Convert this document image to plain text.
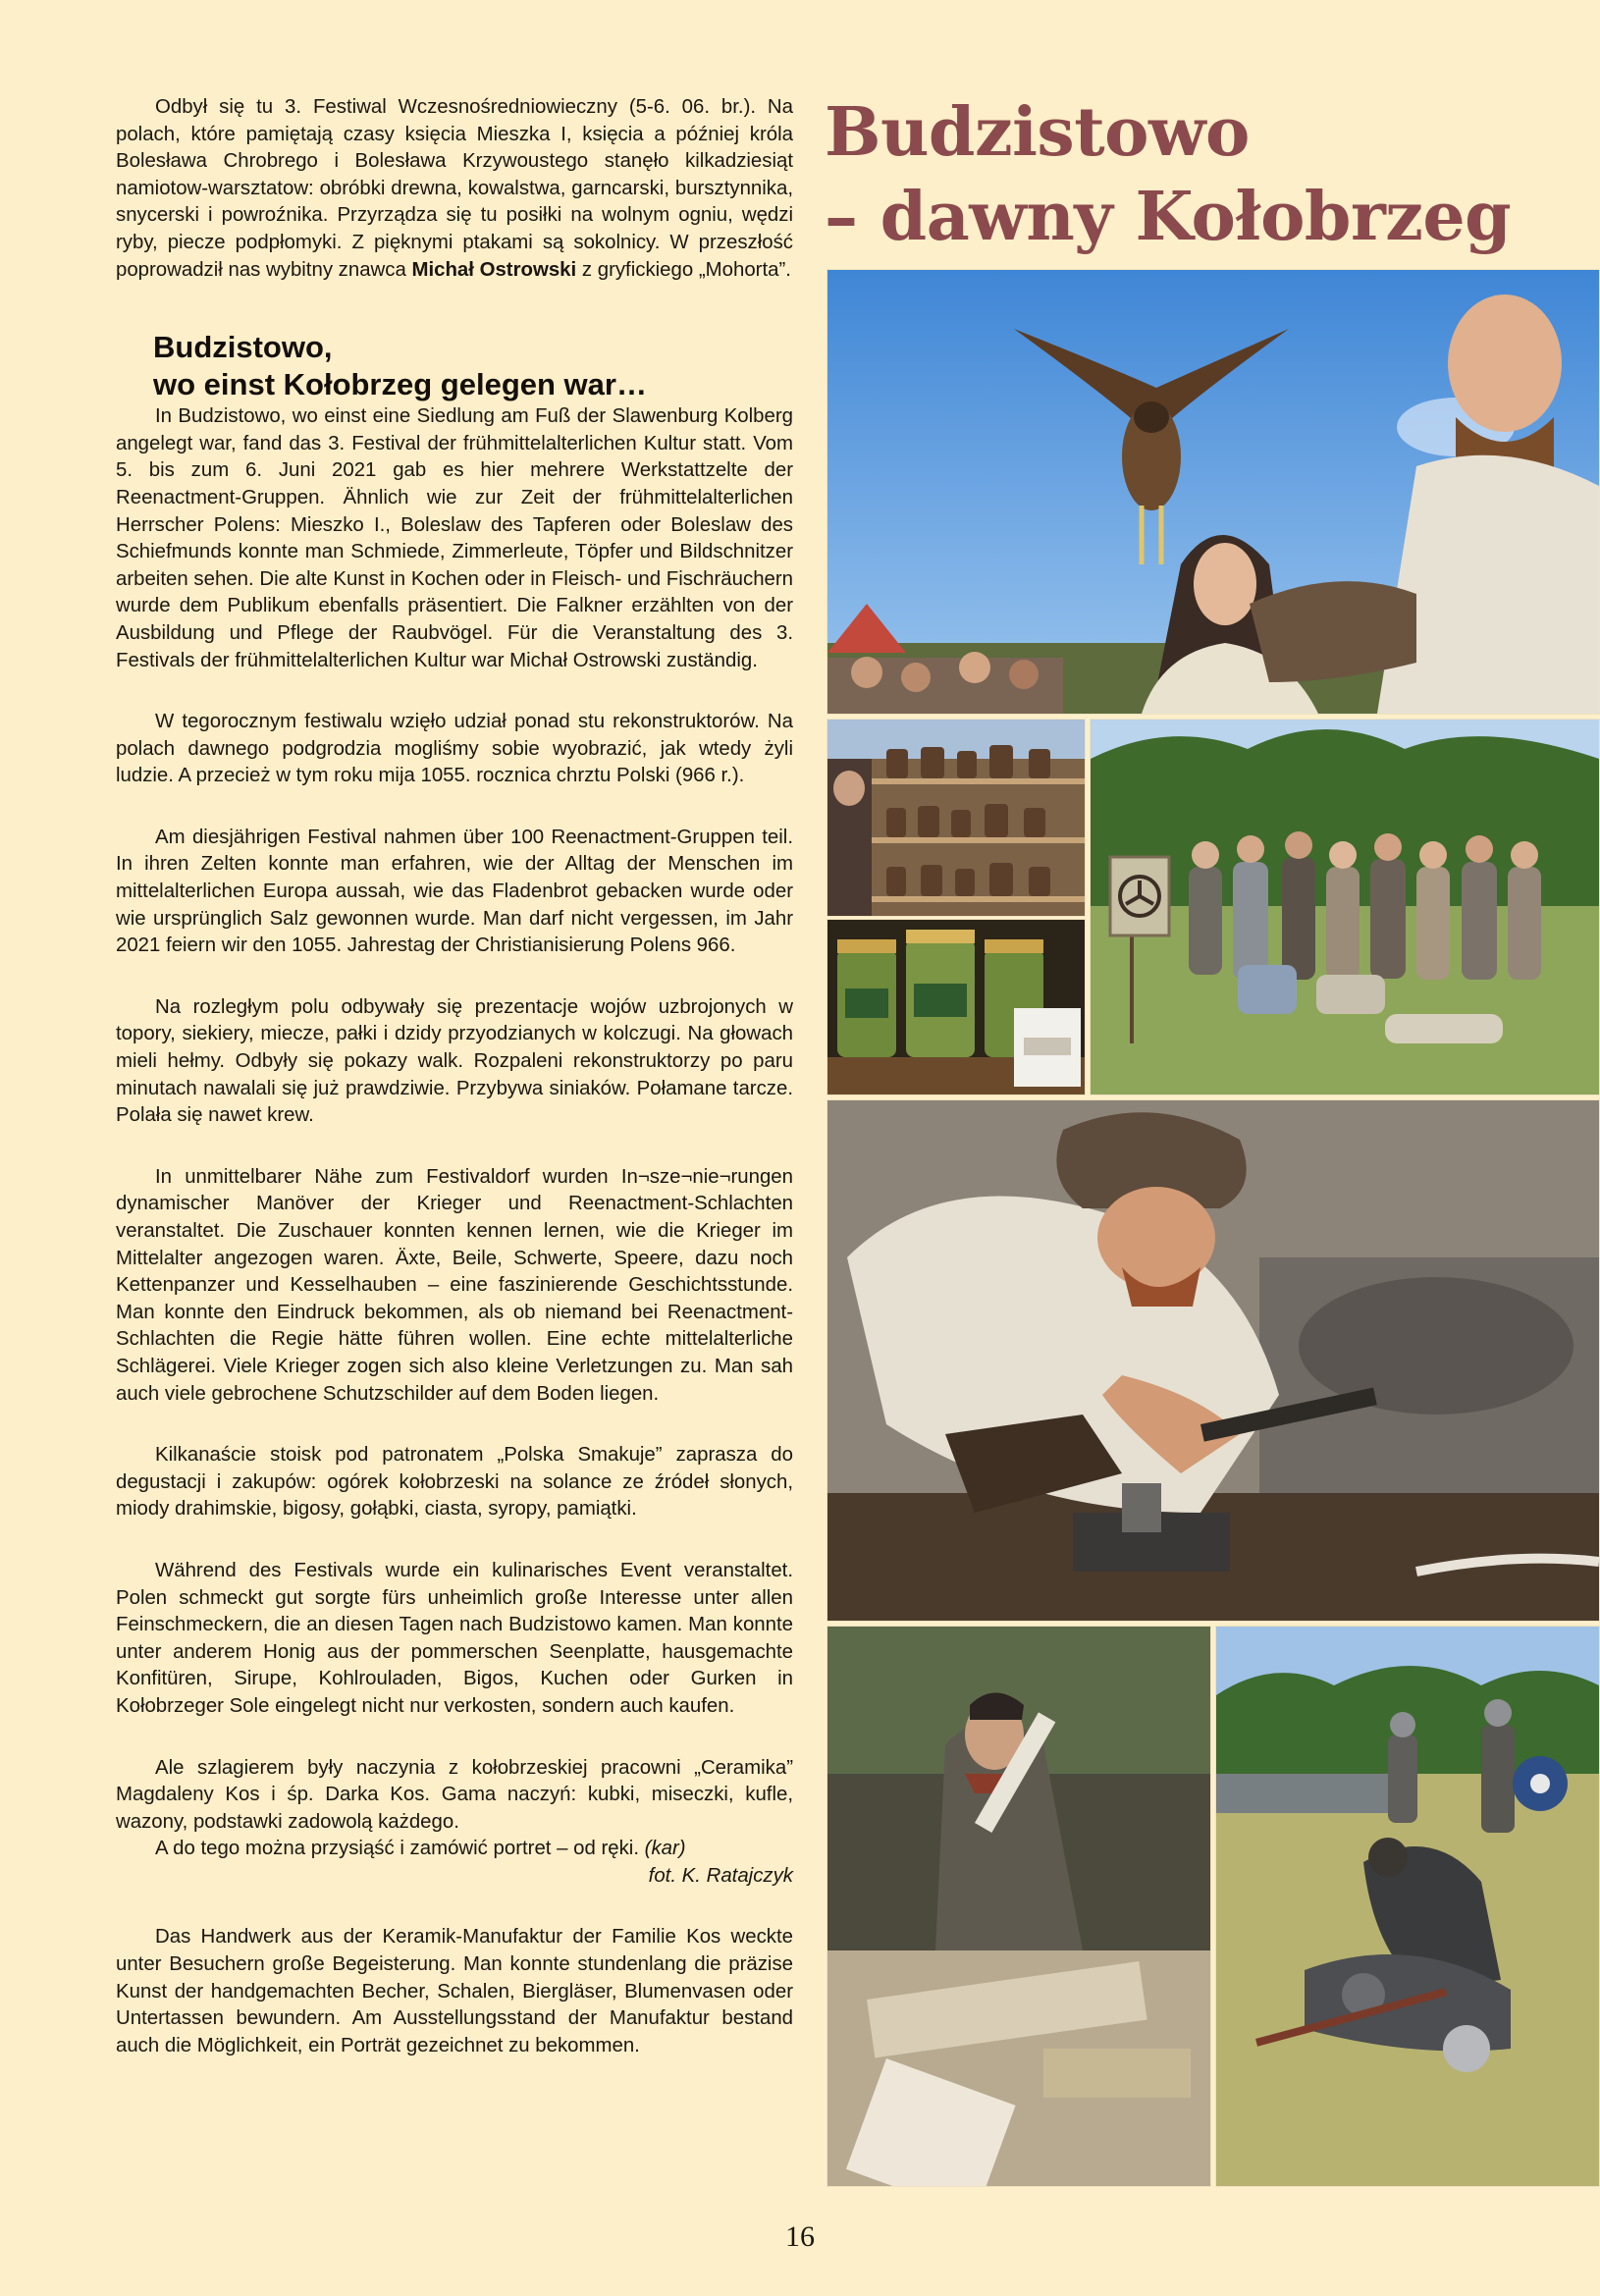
Odbył się tu 3. Festiwal Wczesnośredniowieczny (5-6. 06. br.). Na polach, które pamiętają czasy księcia Mieszka I, księcia a później króla Bolesława Chrobrego i Bolesława Krzywoustego stanęło kilkadziesiąt namiotow-warsztatow: obróbki drewna, kowalstwa, garncarski, bursztynnika, snycerski i powroźnika. Przyrządza się tu posiłki na wolnym ogniu, wędzi ryby, piecze podpłomyki. Z pięknymi ptakami są sokolnicy. W przeszłość poprowadził nas wybitny znawca Michał Ostrowski z gryfickiego „Mohorta”.

Budzistowo,
wo einst Kołobrzeg gelegen war…

In Budzistowo, wo einst eine Siedlung am Fuß der Slawenburg Kolberg angelegt war, fand das 3. Festival der frühmittelalterlichen Kultur statt. Vom 5. bis zum 6. Juni 2021 gab es hier mehrere Werkstattzelte der Reenactment-Gruppen. Ähnlich wie zur Zeit der frühmittelalterlichen Herrscher Polens: Mieszko I., Boleslaw des Tapferen oder Boleslaw des Schiefmunds konnte man Schmiede, Zimmerleute, Töpfer und Bildschnitzer arbeiten sehen. Die alte Kunst in Kochen oder in Fleisch- und Fischräuchern wurde dem Publikum ebenfalls präsentiert. Die Falkner erzählten von der Ausbildung und Pflege der Raubvögel. Für die Veranstaltung des 3. Festivals der frühmittelalterlichen Kultur war Michał Ostrowski zuständig.

W tegorocznym festiwalu wzięło udział ponad stu rekonstruktorów. Na polach dawnego podgrodzia mogliśmy sobie wyobrazić, jak wtedy żyli ludzie. A przecież w tym roku mija 1055. rocznica chrztu Polski (966 r.).

Am diesjährigen Festival nahmen über 100 Reenactment-Gruppen teil. In ihren Zelten konnte man erfahren, wie der Alltag der Menschen im mittelalterlichen Europa aussah, wie das Fladenbrot gebacken wurde oder wie ursprünglich Salz gewonnen wurde. Man darf nicht vergessen, im Jahr 2021 feiern wir den 1055. Jahrestag der Christianisierung Polens 966.

Na rozległym polu odbywały się prezentacje wojów uzbrojonych w topory, siekiery, miecze, pałki i dzidy przyodzianych w kolczugi. Na głowach mieli hełmy. Odbyły się pokazy walk. Rozpaleni rekonstruktorzy po paru minutach nawalali się już prawdziwie. Przybywa siniaków. Połamane tarcze. Polała się nawet krew.

In unmittelbarer Nähe zum Festivaldorf wurden In¬sze¬nie¬rungen dynamischer Manöver der Krieger und Reenactment-Schlachten veranstaltet. Die Zuschauer konnten kennen lernen, wie die Krieger im Mittelalter angezogen waren. Äxte, Beile, Schwerte, Speere, dazu noch Kettenpanzer und Kesselhauben – eine faszinierende Geschichtsstunde. Man konnte den Eindruck bekommen, als ob niemand bei Reenactment-Schlachten die Regie hätte führen wollen. Eine echte mittelalterliche Schlägerei. Viele Krieger zogen sich also kleine Verletzungen zu. Man sah auch viele gebrochene Schutzschilder auf dem Boden liegen.

Kilkanaście stoisk pod patronatem „Polska Smakuje” zaprasza do degustacji i zakupów: ogórek kołobrzeski na solance ze źródeł słonych, miody drahimskie, bigosy, gołąbki, ciasta, syropy, pamiątki.

Während des Festivals wurde ein kulinarisches Event veranstaltet. Polen schmeckt gut sorgte fürs unheimlich große Interesse unter allen Feinschmeckern, die an diesen Tagen nach Budzistowo kamen. Man konnte unter anderem Honig aus der pommerschen Seenplatte, hausgemachte Konfitüren, Sirupe, Kohlrouladen, Bigos, Kuchen oder Gurken in Kołobrzeger Sole eingelegt nicht nur verkosten, sondern auch kaufen.

Ale szlagierem były naczynia z kołobrzeskiej pracowni „Ceramika” Magdaleny Kos i śp. Darka Kos. Gama naczyń: kubki, miseczki, kufle, wazony, podstawki zadowolą każdego.

A do tego można przysiąść i zamówić portret – od ręki. (kar)

fot. K. Ratajczyk

Das Handwerk aus der Keramik-Manufaktur der Familie Kos weckte unter Besuchern große Begeisterung. Man konnte stundenlang die präzise Kunst der handgemachten Becher, Schalen, Biergläser, Blumenvasen oder Untertassen bewundern. Am Ausstellungsstand der Manufaktur bestand auch die Möglichkeit, ein Porträt gezeichnet zu bekommen.

Budzistowo
– dawny Kołobrzeg
16
